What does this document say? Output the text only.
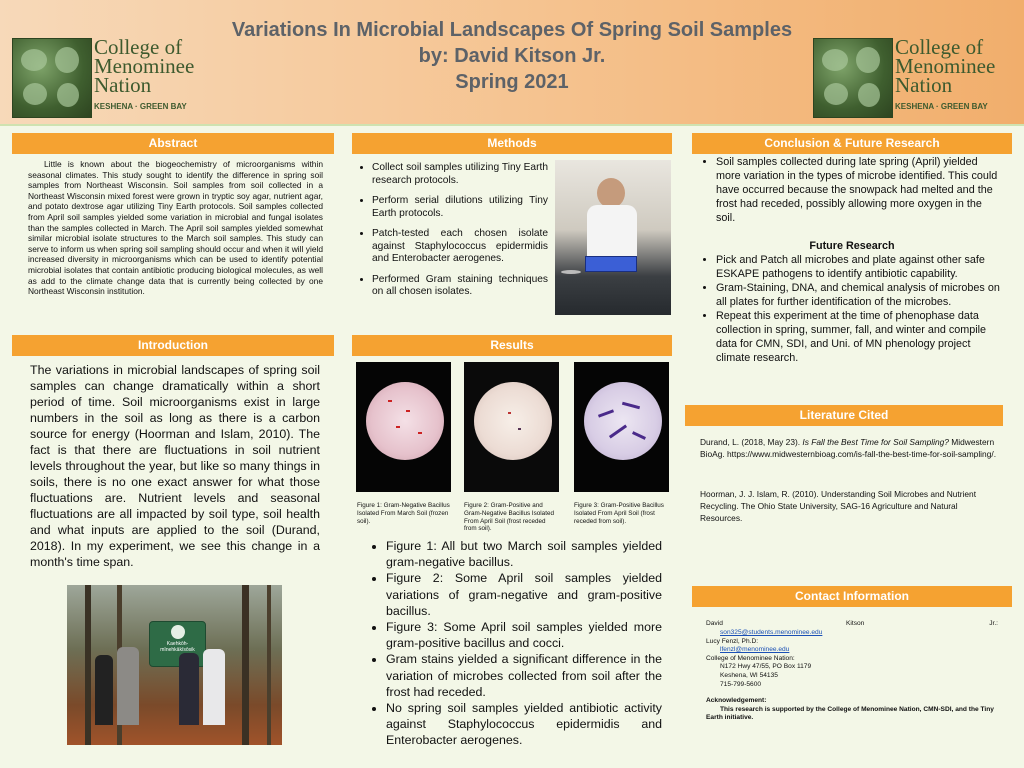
Variations In Microbial Landscapes Of Spring Soil Samples
by: David Kitson Jr.
Spring 2021
College of
Menominee
Nation
KESHENA · GREEN BAY
College of
Menominee
Nation
KESHENA · GREEN BAY
Abstract
Little is known about the biogeochemistry of microorganisms within seasonal climates. This study sought to identify the difference in spring soil samples from Northeast Wisconsin. Soil samples from soil collected in a Northeast Wisconsin mixed forest were grown in tryptic soy agar, nutrient agar, and potato dextrose agar utilizing Tiny Earth protocols. Soil samples collected from April soil samples yielded some variation in microbial and fungal isolates than the samples collected in March. The April soil samples yielded somewhat similar microbial isolate structures to the March soil samples. This study can serve to inform us when spring soil sampling should occur and when it will yield increased diversity in microorganisms which can be used to identify potential microbial isolates that contain antibiotic producing biological molecules, as well as add to the climate change data that is currently being collected by one Northeast Wisconsin institution.
Introduction
The variations in microbial landscapes of spring soil samples can change dramatically within a short period of time. Soil microorganisms exist in large numbers in the soil as long as there is a carbon source for energy (Hoorman and Islam, 2010). The fact is that there are fluctuations in soil nutrient levels throughout the year, but like so many things in soils, there is no one exact answer for what those fluctuations are. Nutrient levels and seasonal fluctuations are all impacted by soil type, soil health and what inputs are applied to the soil (Durand, 2018). In my experiment, we see this change in a month's time span.
Kaehkōh-mīnehkākīsōsik
Methods
• Collect soil samples utilizing Tiny Earth research protocols.
• Perform serial dilutions utilizing Tiny Earth protocols.
• Patch-tested each chosen isolate against Staphylococcus epidermidis and Enterobacter aerogenes.
• Performed Gram staining techniques on all chosen isolates.
Results
Figure 1: Gram-Negative Bacillus Isolated From March Soil (frozen soil).
Figure 2: Gram-Positive and Gram-Negative Bacillus Isolated From April Soil (frost receded from soil).
Figure 3: Gram-Positive Bacillus Isolated From April Soil (frost receded from soil).
• Figure 1: All but two March soil samples yielded gram-negative bacillus.
• Figure 2: Some April soil samples yielded variations of gram-negative and gram-positive bacillus.
• Figure 3: Some April soil samples yielded more gram-positive bacillus and cocci.
• Gram stains yielded a significant difference in the variation of microbes collected from soil after the frost had receded.
• No spring soil samples yielded antibiotic activity against Staphylococcus epidermidis and Enterobacter aerogenes.
Conclusion & Future Research
• Soil samples collected during late spring (April) yielded more variation in the types of microbe identified. This could have occurred because the snowpack had melted and the frost had receded, possibly allowing more oxygen in the soil.
Future Research
• Pick and Patch all microbes and plate against other safe ESKAPE pathogens to identify antibiotic capability.
• Gram-Staining, DNA, and chemical analysis of microbes on all plates for further identification of the microbes.
• Repeat this experiment at the time of phenophase data collection in spring, summer, fall, and winter and compile data for CMN, SDI, and Uni. of MN phenology project climate research.
Literature Cited
Durand, L. (2018, May 23). Is Fall the Best Time for Soil Sampling? Midwestern BioAg. https://www.midwesternbioag.com/is-fall-the-best-time-for-soil-sampling/.
Hoorman, J. J. Islam, R. (2010). Understanding Soil Microbes and Nutrient Recycling. The Ohio State University, SAG-16 Agriculture and Natural Resources.
Contact Information
David	Kitson	Jr.:
son325@students.menominee.edu
Lucy Fenzl, Ph.D:
lfenzl@menominee.edu
College of Menominee Nation:
N172 Hwy 47/55, PO Box 1179
Keshena, WI 54135
715-799-5600
Acknowledgement:
This research is supported by the College of Menominee Nation, CMN-SDI, and the Tiny Earth initiative.
